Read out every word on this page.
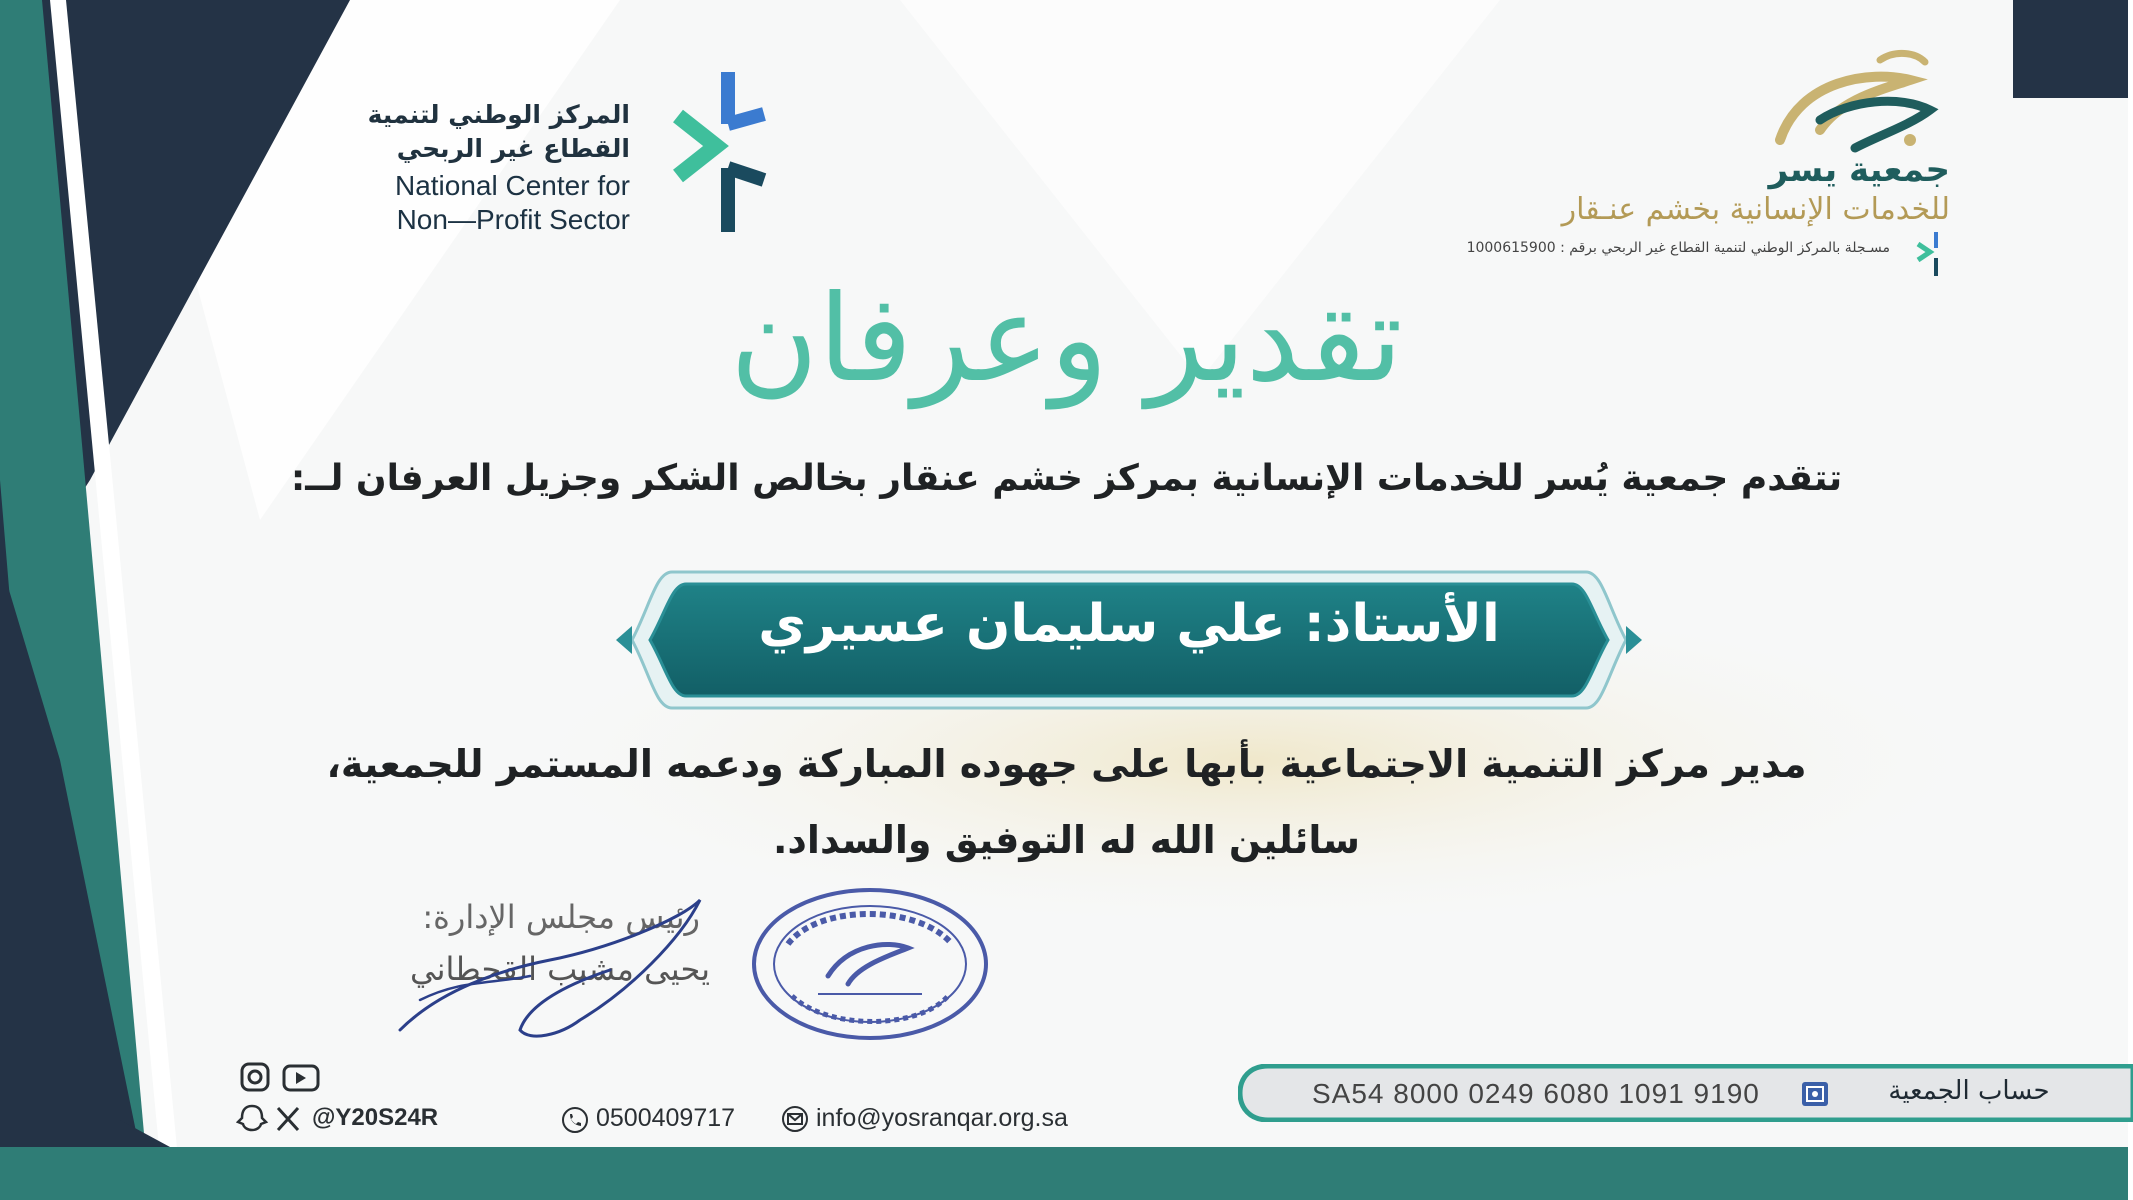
المركز الوطني لتنمية
القطاع غير الربحي
National Center for
Non—Profit Sector
جمعية يسر
للخدمات الإنسانية بخشم عنـقار
مسـجلة بالمركز الوطني لتنمية القطاع غير الربحي برقم : 1000615900
تقدير وعرفان
تتقدم جمعية يُسر للخدمات الإنسانية بمركز خشم عنقار بخالص الشكر وجزيل العرفان لــ:
الأستاذ: علي سليمان عسيري
مدير مركز التنمية الاجتماعية بأبها على جهوده المباركة ودعمه المستمر للجمعية،
سائلين الله له التوفيق والسداد.
رئيس مجلس الإدارة:
يحيى مشبب القحطاني
@Y20S24R	0500409717	info@yosranqar.org.sa
SA54 8000 0249 6080 1091 9190	حساب الجمعية
